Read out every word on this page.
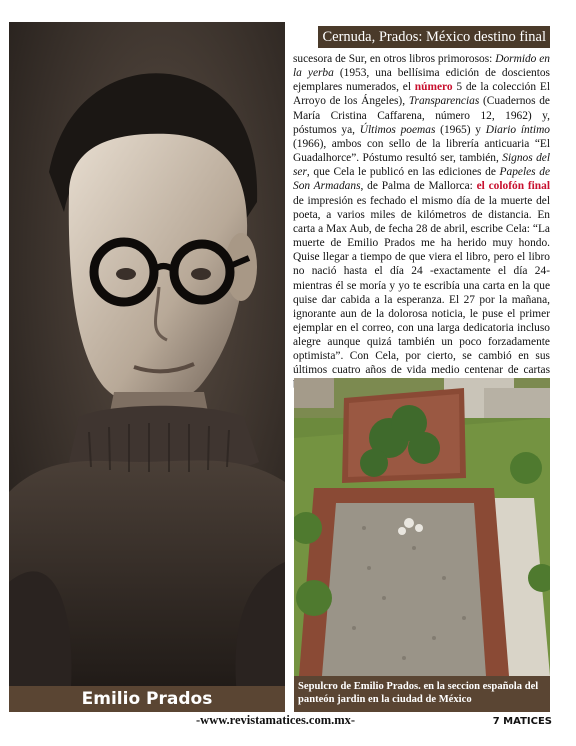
Emilio Prados
Cernuda, Prados: México destino final

sucesora de Sur, en otros libros primorosos: Dormido en la yerba (1953, una bellísima edición de doscientos ejemplares numerados, el número 5 de la colección El Arroyo de los Ángeles), Transparencias (Cuadernos de María Cristina Caffarena, número 12, 1962) y, póstumos ya, Últimos poemas (1965) y Diario íntimo (1966), ambos con sello de la librería anticuaria “El Guadalhorce”. Póstumo resultó ser, también, Signos del ser, que Cela le publicó en las ediciones de Papeles de Son Armadans, de Palma de Mallorca: el colofón final de impresión es fechado el mismo día de la muerte del poeta, a varios miles de kilómetros de distancia. En carta a Max Aub, de fecha 28 de abril, escribe Cela: “La muerte de Emilio Prados me ha herido muy hondo. Quise llegar a tiempo de que viera el libro, pero el libro no nació hasta el día 24 -exactamente el día 24- mientras él se moría y yo te escribía una carta en la que quise dar cabida a la esperanza. El 27 por la mañana, ignorante aun de la dolorosa noticia, le puse el primer ejemplar en el correo, con una larga dedicatoria incluso alegre aunque quizá también un poco forzadamente optimista”. Con Cela, por cierto, se cambió en sus últimos cuatro años de vida medio centenar de cartas

Sepulcro de Emilio Prados. en la seccion española del panteón jardin en la ciudad de México
-www.revistamatices.com.mx-	7 MATICES
